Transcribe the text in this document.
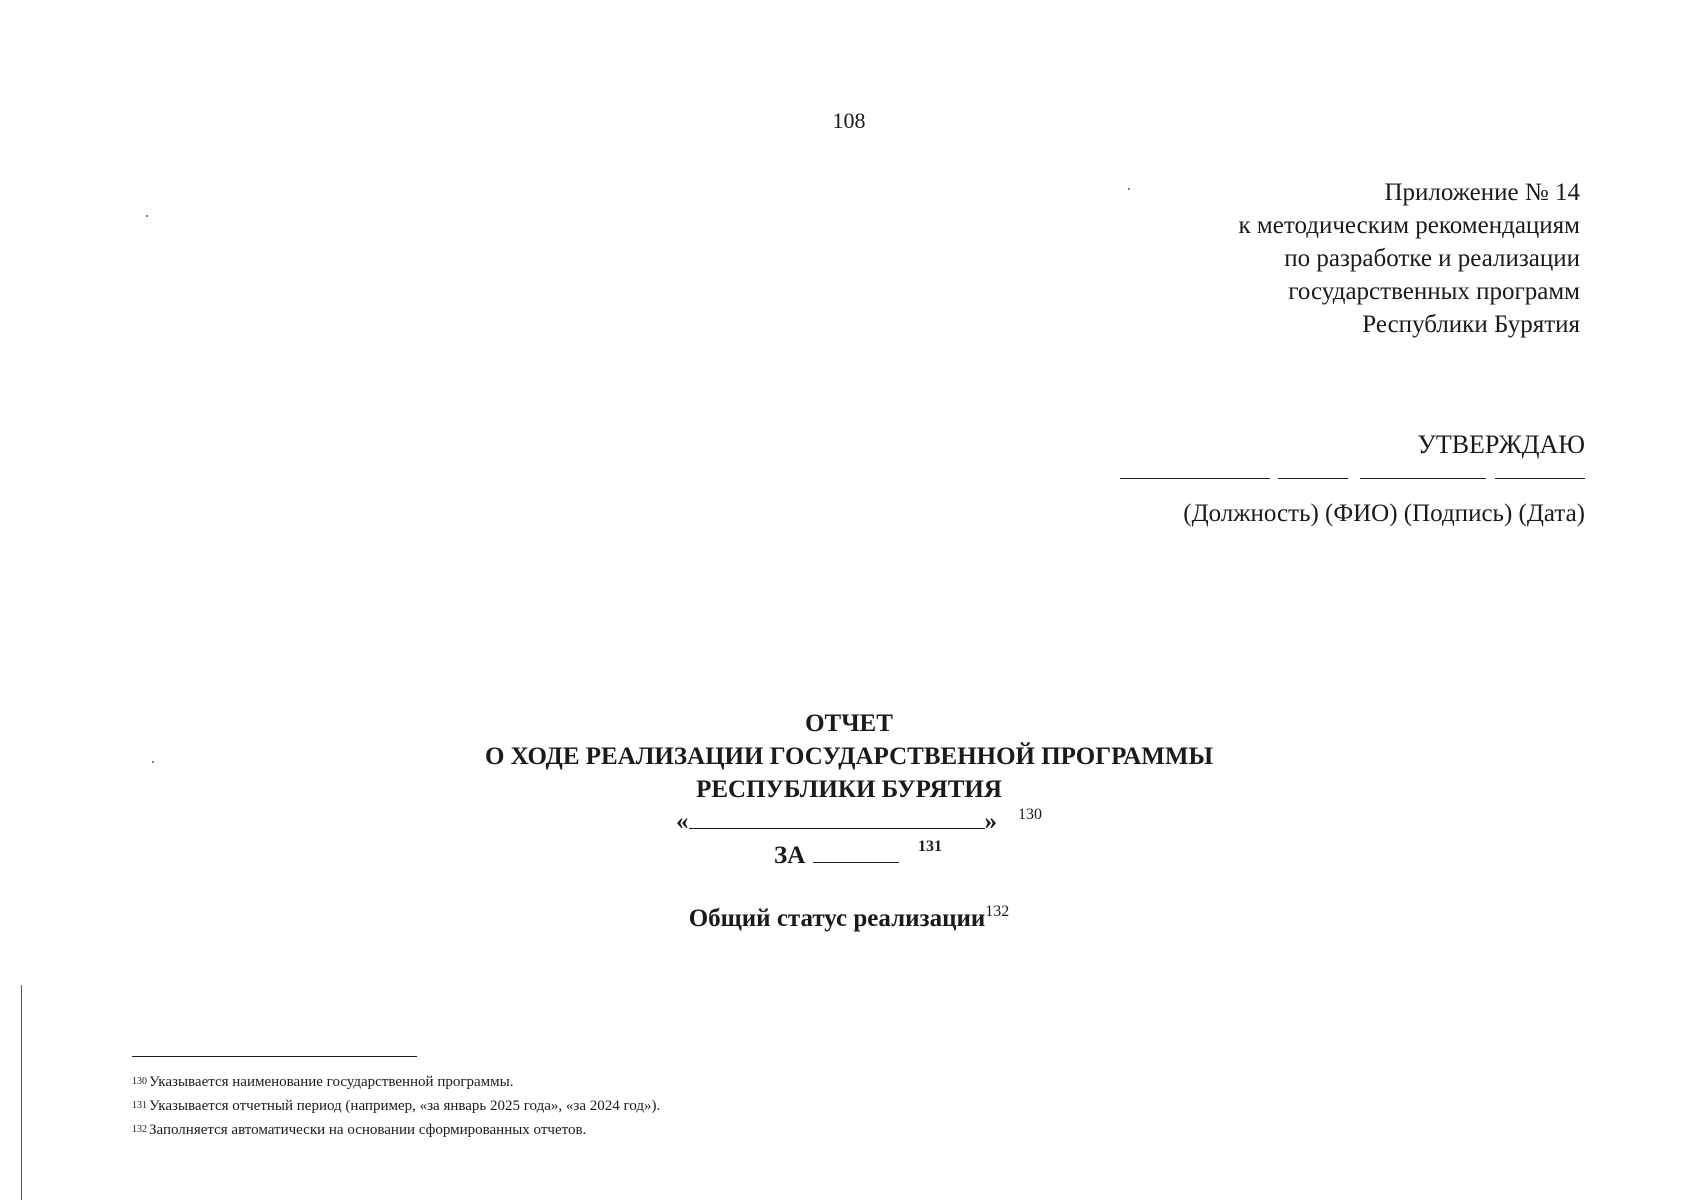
108
Приложение № 14
к методическим рекомендациям
по разработке и реализации
государственных программ
Республики Бурятия
УТВЕРЖДАЮ
(Должность) (ФИО) (Подпись) (Дата)
ОТЧЕТ
О ХОДЕ РЕАЛИЗАЦИИ ГОСУДАРСТВЕННОЙ ПРОГРАММЫ
РЕСПУБЛИКИ БУРЯТИЯ
«	» 130
ЗА	131
Общий статус реализации$^{132}$
130 Указывается наименование государственной программы.
131 Указывается отчетный период (например, «за январь 2025 года», «за 2024 год»).
132 Заполняется автоматически на основании сформированных отчетов.
